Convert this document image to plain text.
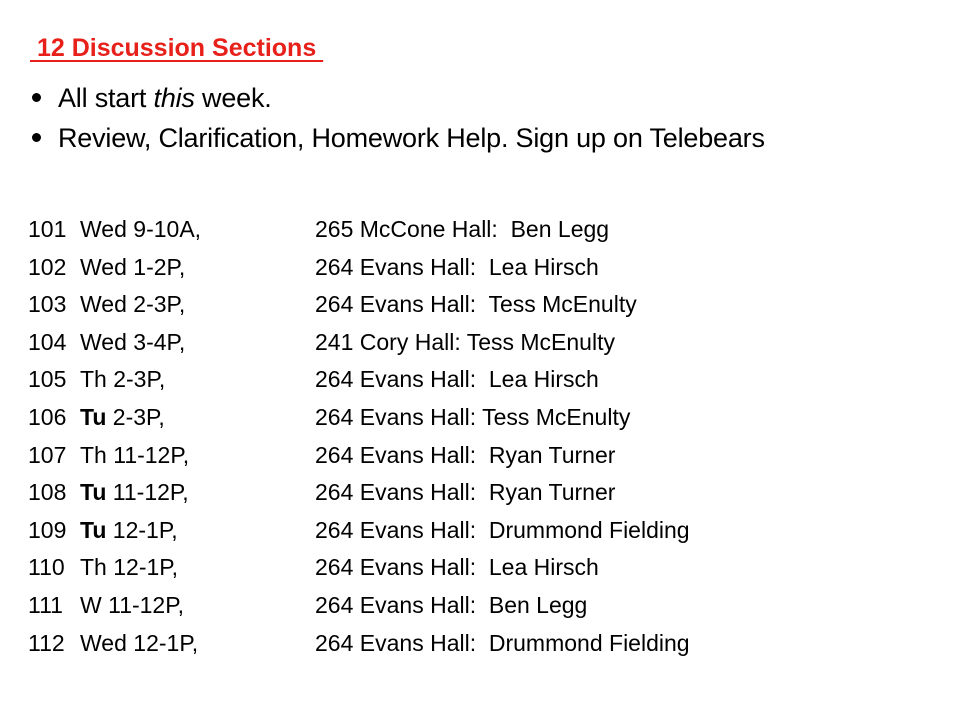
12 Discussion Sections
All start this week.
Review, Clarification, Homework Help. Sign up on Telebears
101 Wed 9-10A,	265 McCone Hall:  Ben Legg
102 Wed 1-2P,	264 Evans Hall:  Lea Hirsch
103 Wed 2-3P,	264 Evans Hall:  Tess McEnulty
104 Wed 3-4P,	241 Cory Hall: Tess McEnulty
105 Th 2-3P,	264 Evans Hall:  Lea Hirsch
106 Tu 2-3P,	264 Evans Hall: Tess McEnulty
107 Th 11-12P,	264 Evans Hall:  Ryan Turner
108 Tu 11-12P,	264 Evans Hall:  Ryan Turner
109 Tu 12-1P,	264 Evans Hall:  Drummond Fielding
110 Th 12-1P,	264 Evans Hall:  Lea Hirsch
111 W 11-12P,	264 Evans Hall:  Ben Legg
112 Wed 12-1P,	264 Evans Hall:  Drummond Fielding
